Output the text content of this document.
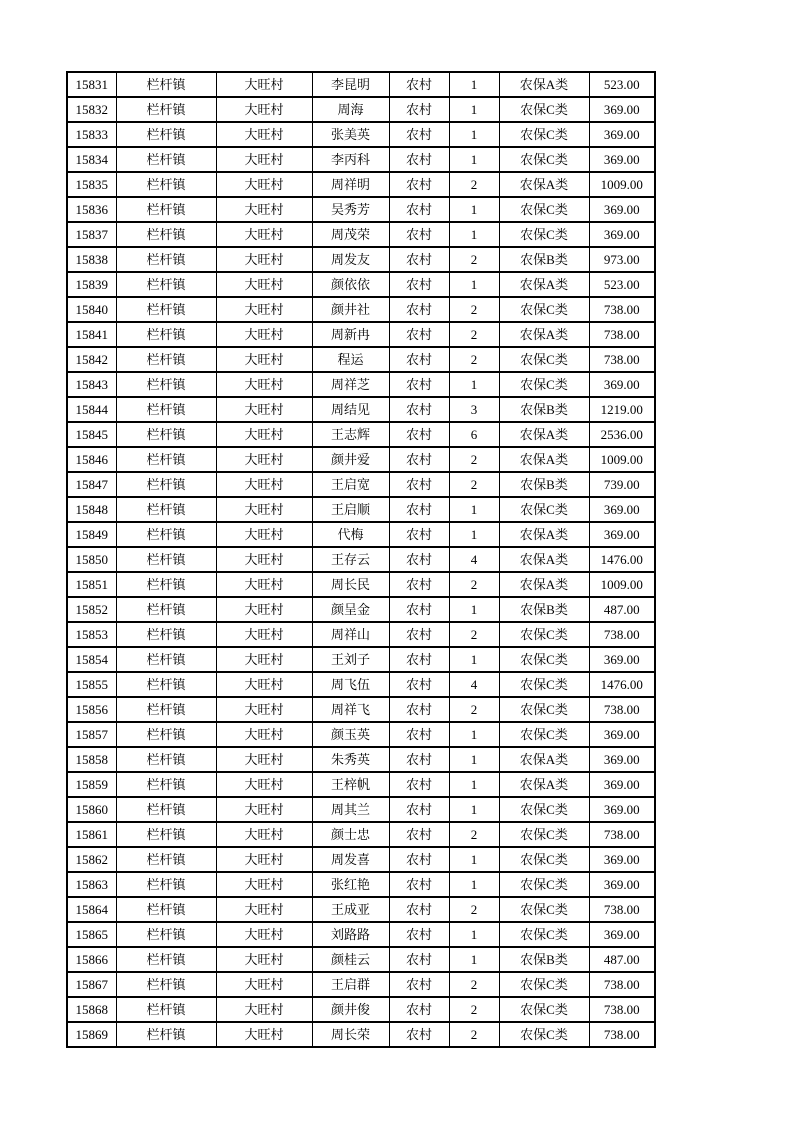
15831	栏杆镇	大旺村	李昆明	农村	1	农保A类	523.00
15832	栏杆镇	大旺村	周海	农村	1	农保C类	369.00
15833	栏杆镇	大旺村	张美英	农村	1	农保C类	369.00
15834	栏杆镇	大旺村	李丙科	农村	1	农保C类	369.00
15835	栏杆镇	大旺村	周祥明	农村	2	农保A类	1009.00
15836	栏杆镇	大旺村	吴秀芳	农村	1	农保C类	369.00
15837	栏杆镇	大旺村	周茂荣	农村	1	农保C类	369.00
15838	栏杆镇	大旺村	周发友	农村	2	农保B类	973.00
15839	栏杆镇	大旺村	颜依依	农村	1	农保A类	523.00
15840	栏杆镇	大旺村	颜井社	农村	2	农保C类	738.00
15841	栏杆镇	大旺村	周新冉	农村	2	农保A类	738.00
15842	栏杆镇	大旺村	程运	农村	2	农保C类	738.00
15843	栏杆镇	大旺村	周祥芝	农村	1	农保C类	369.00
15844	栏杆镇	大旺村	周结见	农村	3	农保B类	1219.00
15845	栏杆镇	大旺村	王志辉	农村	6	农保A类	2536.00
15846	栏杆镇	大旺村	颜井爱	农村	2	农保A类	1009.00
15847	栏杆镇	大旺村	王启宽	农村	2	农保B类	739.00
15848	栏杆镇	大旺村	王启顺	农村	1	农保C类	369.00
15849	栏杆镇	大旺村	代梅	农村	1	农保A类	369.00
15850	栏杆镇	大旺村	王存云	农村	4	农保A类	1476.00
15851	栏杆镇	大旺村	周长民	农村	2	农保A类	1009.00
15852	栏杆镇	大旺村	颜呈金	农村	1	农保B类	487.00
15853	栏杆镇	大旺村	周祥山	农村	2	农保C类	738.00
15854	栏杆镇	大旺村	王刘子	农村	1	农保C类	369.00
15855	栏杆镇	大旺村	周飞伍	农村	4	农保C类	1476.00
15856	栏杆镇	大旺村	周祥飞	农村	2	农保C类	738.00
15857	栏杆镇	大旺村	颜玉英	农村	1	农保C类	369.00
15858	栏杆镇	大旺村	朱秀英	农村	1	农保A类	369.00
15859	栏杆镇	大旺村	王梓帆	农村	1	农保A类	369.00
15860	栏杆镇	大旺村	周其兰	农村	1	农保C类	369.00
15861	栏杆镇	大旺村	颜士忠	农村	2	农保C类	738.00
15862	栏杆镇	大旺村	周发喜	农村	1	农保C类	369.00
15863	栏杆镇	大旺村	张红艳	农村	1	农保C类	369.00
15864	栏杆镇	大旺村	王成亚	农村	2	农保C类	738.00
15865	栏杆镇	大旺村	刘路路	农村	1	农保C类	369.00
15866	栏杆镇	大旺村	颜桂云	农村	1	农保B类	487.00
15867	栏杆镇	大旺村	王启群	农村	2	农保C类	738.00
15868	栏杆镇	大旺村	颜井俊	农村	2	农保C类	738.00
15869	栏杆镇	大旺村	周长荣	农村	2	农保C类	738.00
